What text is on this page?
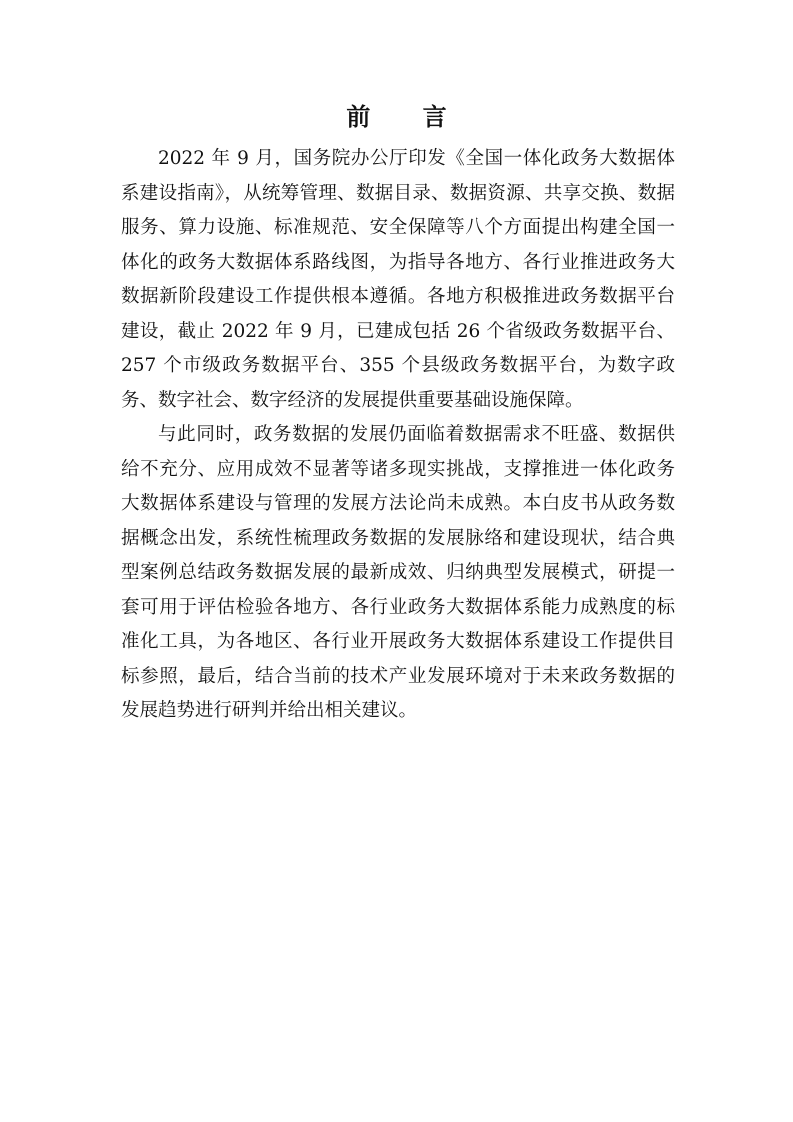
前 言

2022 年 9 月，国务院办公厅印发《全国一体化政务大数据体系建设指南》，从统筹管理、数据目录、数据资源、共享交换、数据服务、算力设施、标准规范、安全保障等八个方面提出构建全国一体化的政务大数据体系路线图，为指导各地方、各行业推进政务大数据新阶段建设工作提供根本遵循。各地方积极推进政务数据平台建设，截止 2022 年 9 月，已建成包括 26 个省级政务数据平台、257 个市级政务数据平台、355 个县级政务数据平台，为数字政务、数字社会、数字经济的发展提供重要基础设施保障。

与此同时，政务数据的发展仍面临着数据需求不旺盛、数据供给不充分、应用成效不显著等诸多现实挑战，支撑推进一体化政务大数据体系建设与管理的发展方法论尚未成熟。本白皮书从政务数据概念出发，系统性梳理政务数据的发展脉络和建设现状，结合典型案例总结政务数据发展的最新成效、归纳典型发展模式，研提一套可用于评估检验各地方、各行业政务大数据体系能力成熟度的标准化工具，为各地区、各行业开展政务大数据体系建设工作提供目标参照，最后，结合当前的技术产业发展环境对于未来政务数据的发展趋势进行研判并给出相关建议。
